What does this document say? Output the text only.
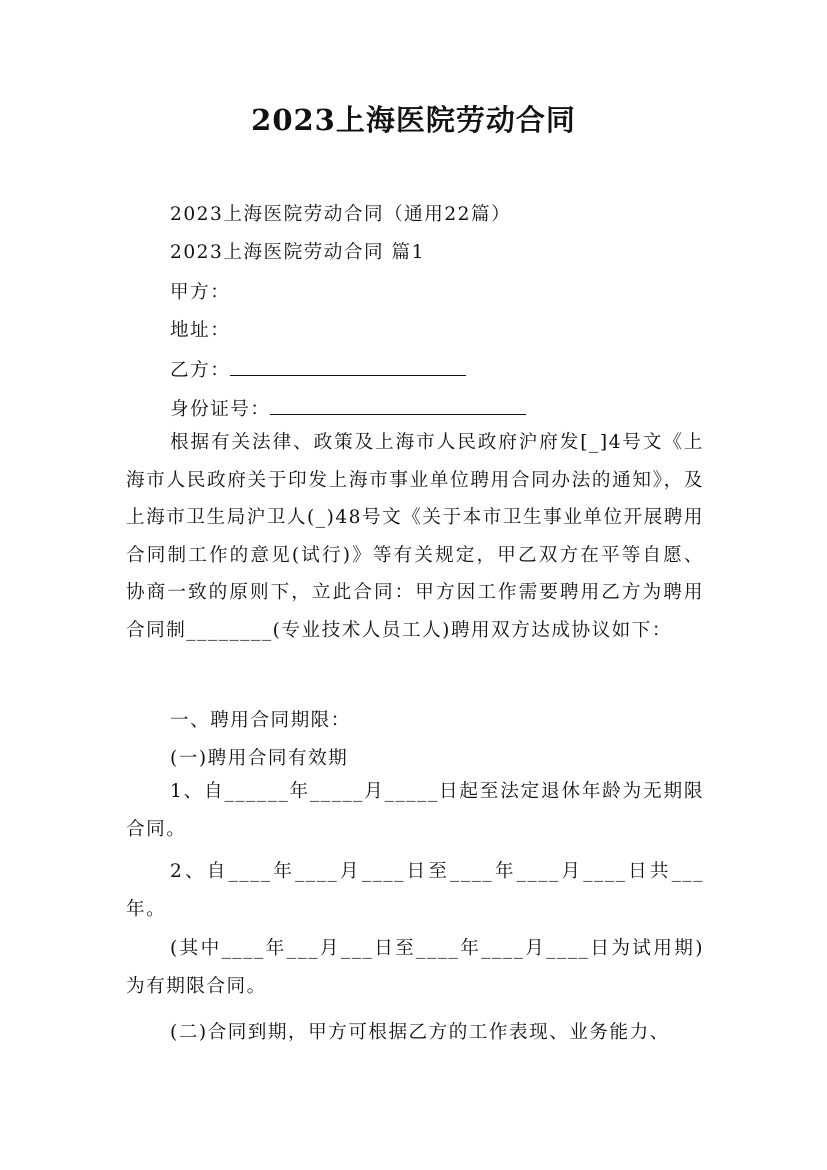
2023上海医院劳动合同

2023上海医院劳动合同（通用22篇）

2023上海医院劳动合同 篇1

甲方：

地址：

乙方：

身份证号：

根据有关法律、政策及上海市人民政府沪府发[_]4号文《上海市人民政府关于印发上海市事业单位聘用合同办法的通知》，及上海市卫生局沪卫人(_)48号文《关于本市卫生事业单位开展聘用合同制工作的意见(试行)》等有关规定，甲乙双方在平等自愿、协商一致的原则下，立此合同：甲方因工作需要聘用乙方为聘用合同制________(专业技术人员工人)聘用双方达成协议如下：

一、聘用合同期限：

(一)聘用合同有效期

1、自______年_____月_____日起至法定退休年龄为无期限合同。

2、自____年____月____日至____年____月____日共___年。

(其中____年___月___日至____年____月____日为试用期)为有期限合同。

(二)合同到期，甲方可根据乙方的工作表现、业务能力、
